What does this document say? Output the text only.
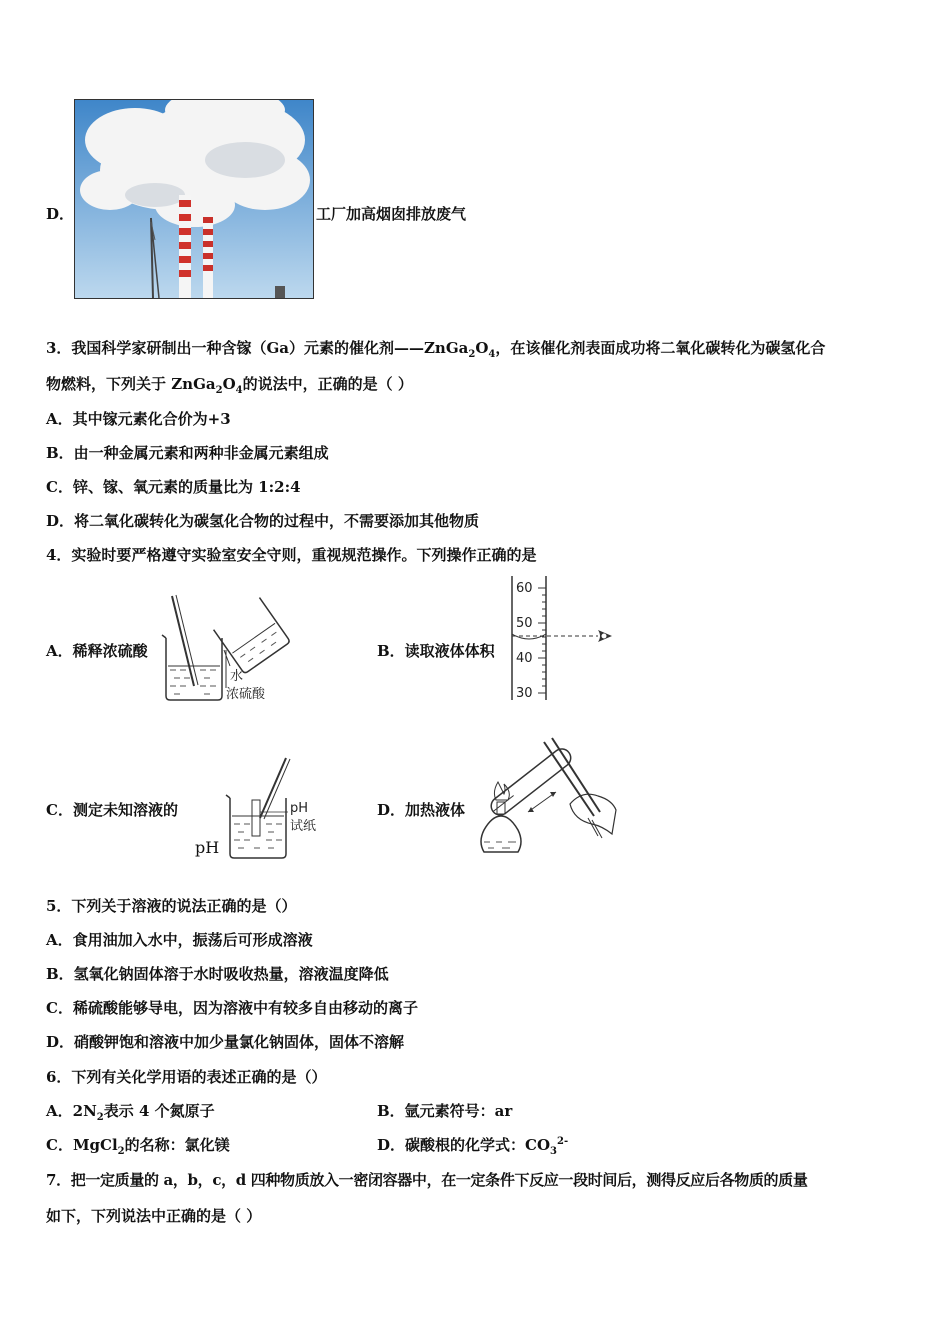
D．	工厂加高烟囱排放废气
3．我国科学家研制出一种含镓（Ga）元素的催化剂$——ZnGa_2O_4$，在该催化剂表面成功将二氧化碳转化为碳氢化合
物燃料，下列关于 $ZnGa_2O_4$的说法中，正确的是（ ）
A．其中镓元素化合价为+3
B．由一种金属元素和两种非金属元素组成
C．锌、镓、氧元素的质量比为 1:2:4
D．将二氧化碳转化为碳氢化合物的过程中，不需要添加其他物质
4．实验时要严格遵守实验室安全守则，重视规范操作。下列操作正确的是
A．稀释浓硫酸
水
浓硫酸
B．读取液体体积
60
50
40
30
C．测定未知溶液的
pH
pH
试纸
D．加热液体
5．下列关于溶液的说法正确的是（）
A．食用油加入水中，振荡后可形成溶液
B．氢氧化钠固体溶于水时吸收热量，溶液温度降低
C．稀硫酸能够导电，因为溶液中有较多自由移动的离子
D．硝酸钾饱和溶液中加少量氯化钠固体，固体不溶解
6．下列有关化学用语的表述正确的是（）
A．$2N_2$表示 4 个氮原子	B．氩元素符号：ar
C．MgCl$_2$的名称：氯化镁	D．碳酸根的化学式：$CO_3^{2-}$
7．把一定质量的 a，b，c，d 四种物质放入一密闭容器中，在一定条件下反应一段时间后，测得反应后各物质的质量
如下，下列说法中正确的是（ ）
